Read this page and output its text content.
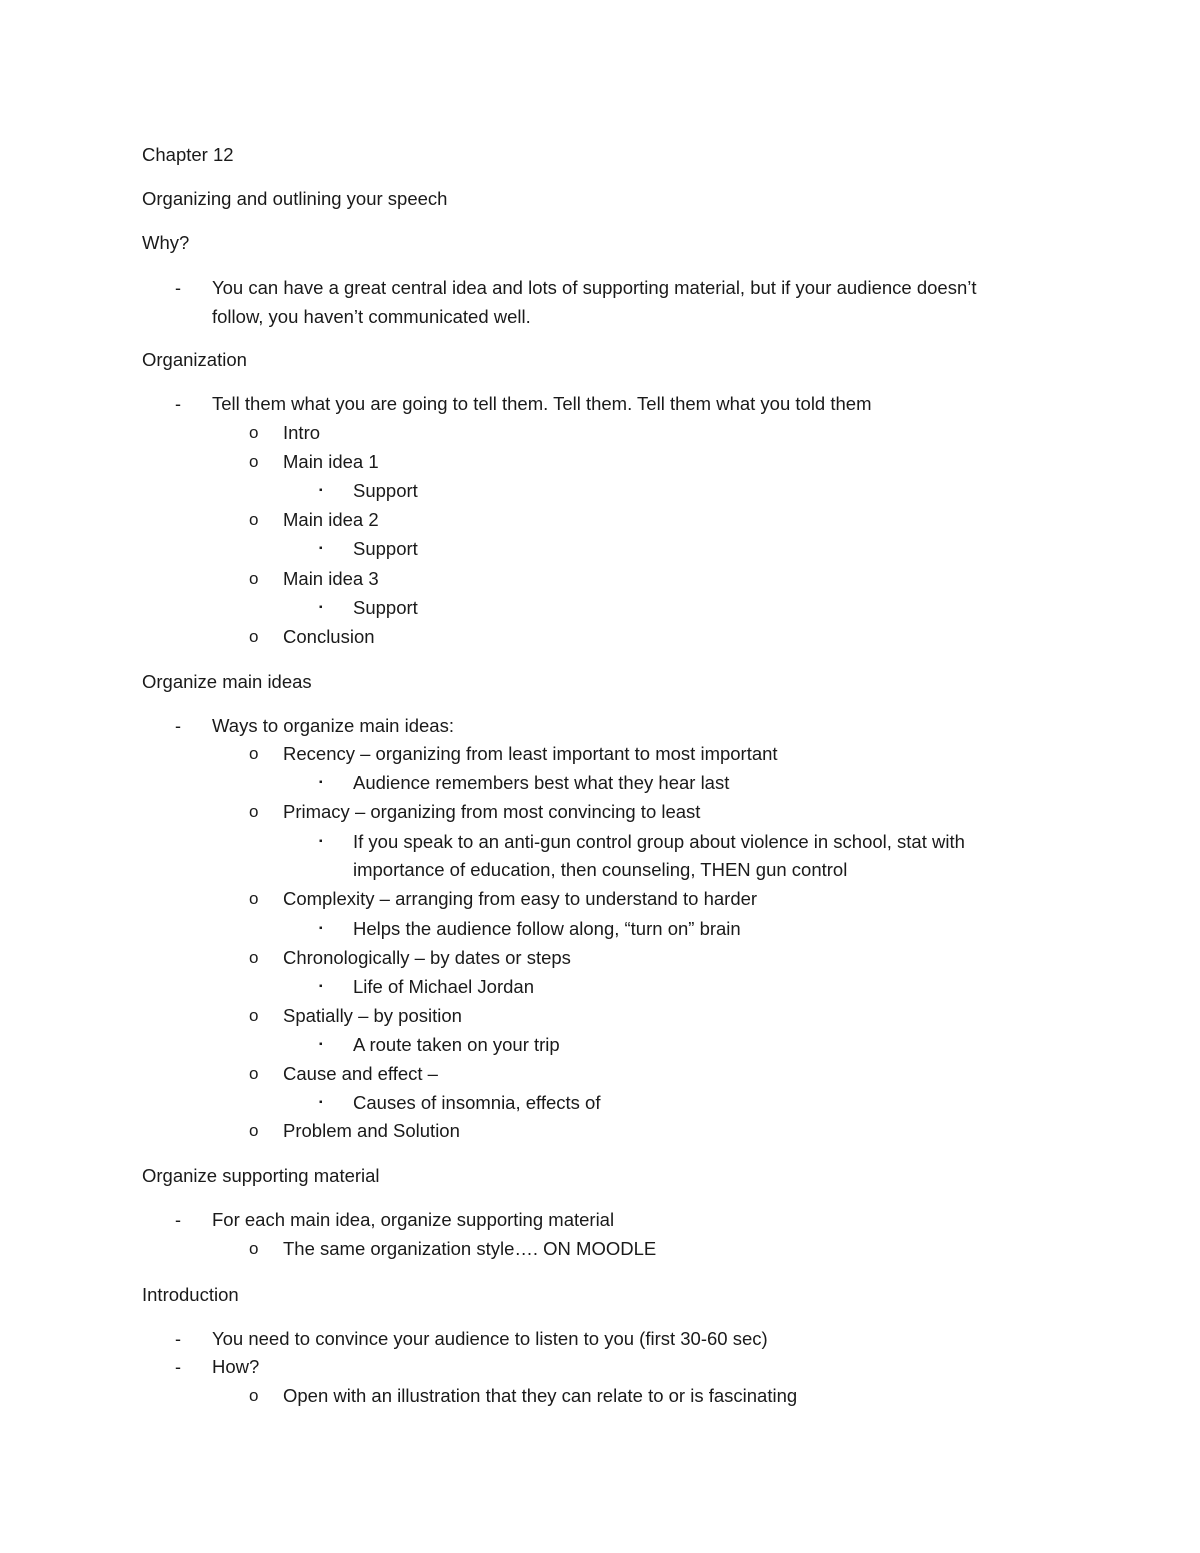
Chapter 12
Organizing and outlining your speech
Why?
- You can have a great central idea and lots of supporting material, but if your audience doesn’t
follow, you haven’t communicated well.
Organization
- Tell them what you are going to tell them. Tell them. Tell them what you told them
o Intro
o Main idea 1
▪ Support
o Main idea 2
▪ Support
o Main idea 3
▪ Support
o Conclusion
Organize main ideas
- Ways to organize main ideas:
o Recency – organizing from least important to most important
▪ Audience remembers best what they hear last
o Primacy – organizing from most convincing to least
▪ If you speak to an anti-gun control group about violence in school, stat with
importance of education, then counseling, THEN gun control
o Complexity – arranging from easy to understand to harder
▪ Helps the audience follow along, “turn on” brain
o Chronologically – by dates or steps
▪ Life of Michael Jordan
o Spatially – by position
▪ A route taken on your trip
o Cause and effect –
▪ Causes of insomnia, effects of
o Problem and Solution
Organize supporting material
- For each main idea, organize supporting material
o The same organization style…. ON MOODLE
Introduction
- You need to convince your audience to listen to you (first 30-60 sec)
- How?
o Open with an illustration that they can relate to or is fascinating
